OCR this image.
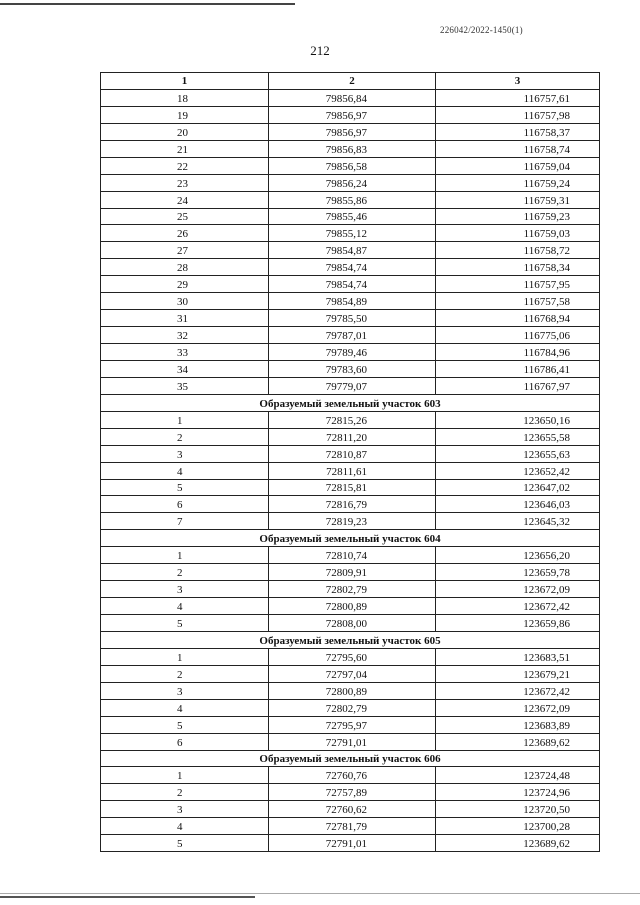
226042/2022-1450(1)
212
1	2	3
18	79856,84	116757,61
19	79856,97	116757,98
20	79856,97	116758,37
21	79856,83	116758,74
22	79856,58	116759,04
23	79856,24	116759,24
24	79855,86	116759,31
25	79855,46	116759,23
26	79855,12	116759,03
27	79854,87	116758,72
28	79854,74	116758,34
29	79854,74	116757,95
30	79854,89	116757,58
31	79785,50	116768,94
32	79787,01	116775,06
33	79789,46	116784,96
34	79783,60	116786,41
35	79779,07	116767,97
Образуемый земельный участок 603		
1	72815,26	123650,16
2	72811,20	123655,58
3	72810,87	123655,63
4	72811,61	123652,42
5	72815,81	123647,02
6	72816,79	123646,03
7	72819,23	123645,32
Образуемый земельный участок 604		
1	72810,74	123656,20
2	72809,91	123659,78
3	72802,79	123672,09
4	72800,89	123672,42
5	72808,00	123659,86
Образуемый земельный участок 605		
1	72795,60	123683,51
2	72797,04	123679,21
3	72800,89	123672,42
4	72802,79	123672,09
5	72795,97	123683,89
6	72791,01	123689,62
Образуемый земельный участок 606		
1	72760,76	123724,48
2	72757,89	123724,96
3	72760,62	123720,50
4	72781,79	123700,28
5	72791,01	123689,62
